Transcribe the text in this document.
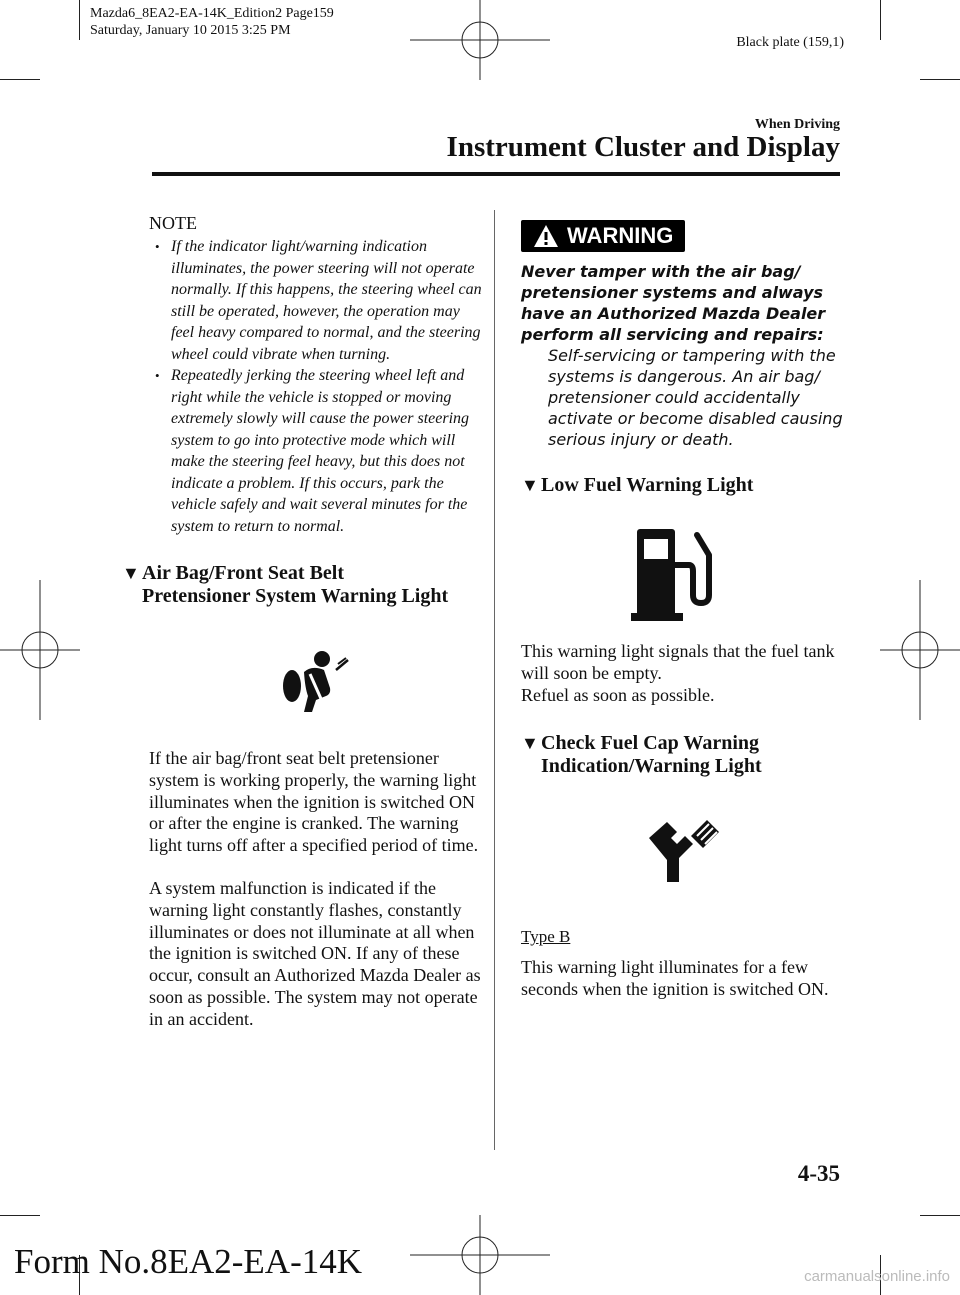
Mazda6_8EA2-EA-14K_Edition2 Page159
Saturday, January 10 2015 3:25 PM
Black plate (159,1)
When Driving
Instrument Cluster and Display
NOTE
• If the indicator light/warning indication illuminates, the power steering will not operate normally. If this happens, the steering wheel can still be operated, however, the operation may feel heavy compared to normal, and the steering wheel could vibrate when turning.
• Repeatedly jerking the steering wheel left and right while the vehicle is stopped or moving extremely slowly will cause the power steering system to go into protective mode which will make the steering feel heavy, but this does not indicate a problem. If this occurs, park the vehicle safely and wait several minutes for the system to return to normal.
▼ Air Bag/Front Seat Belt
Pretensioner System Warning Light

If the air bag/front seat belt pretensioner system is working properly, the warning light illuminates when the ignition is switched ON or after the engine is cranked. The warning light turns off after a specified period of time.

A system malfunction is indicated if the warning light constantly flashes, constantly illuminates or does not illuminate at all when the ignition is switched ON. If any of these occur, consult an Authorized Mazda Dealer as soon as possible. The system may not operate in an accident.

WARNING
Never tamper with the air bag/ pretensioner systems and always have an Authorized Mazda Dealer perform all servicing and repairs:
Self-servicing or tampering with the systems is dangerous. An air bag/ pretensioner could accidentally activate or become disabled causing serious injury or death.
▼ Low Fuel Warning Light

This warning light signals that the fuel tank will soon be empty.

Refuel as soon as possible.

▼ Check Fuel Cap Warning
Indication/Warning Light
Type B

This warning light illuminates for a few seconds when the ignition is switched ON.

4-35
Form No.8EA2-EA-14K	carmanualsonline.info
